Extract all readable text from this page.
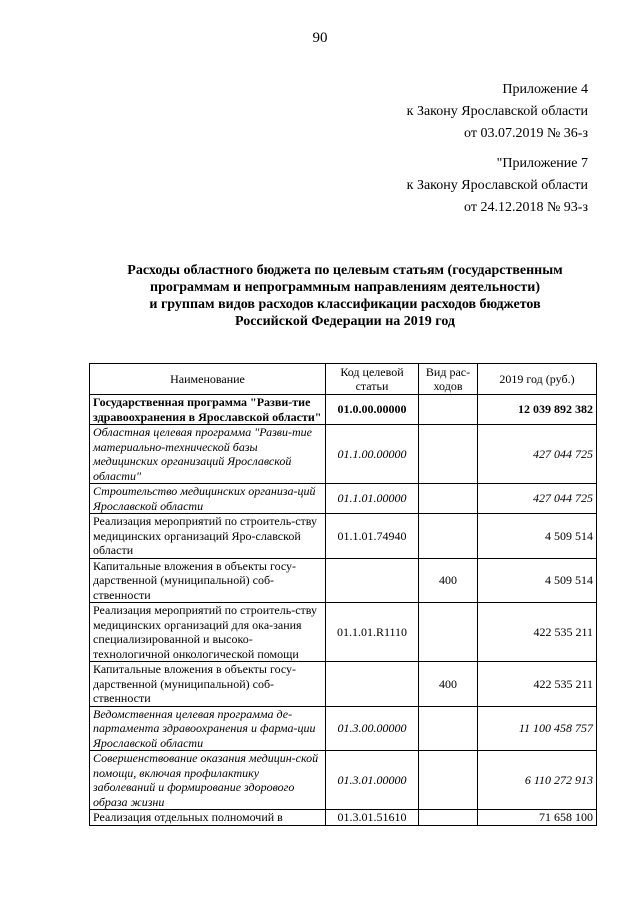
90
Приложение 4
к Закону Ярославской области
от 03.07.2019 № 36-з
"Приложение 7
к Закону Ярославской области
от 24.12.2018 № 93-з
Расходы областного бюджета по целевым статьям (государственным
программам и непрограммным направлениям деятельности)
и группам видов расходов классификации расходов бюджетов
Российской Федерации на 2019 год
Наименование	Код целевой статьи	Вид рас-ходов	2019 год (руб.)
Государственная программа "Разви-тие здравоохранения в Ярославской области"	01.0.00.00000		12 039 892 382
Областная целевая программа "Разви-тие материально-технической базы медицинских организаций Ярославской области"	01.1.00.00000		427 044 725
Строительство медицинских организа-ций Ярославской области	01.1.01.00000		427 044 725
Реализация мероприятий по строитель-ству медицинских организаций Яро-славской области	01.1.01.74940		4 509 514
Капитальные вложения в объекты госу-дарственной (муниципальной) соб-ственности		400	4 509 514
Реализация мероприятий по строитель-ству медицинских организаций для ока-зания специализированной и высоко-технологичной онкологической помощи	01.1.01.R1110		422 535 211
Капитальные вложения в объекты госу-дарственной (муниципальной) соб-ственности		400	422 535 211
Ведомственная целевая программа де-партамента здравоохранения и фарма-ции Ярославской области	01.3.00.00000		11 100 458 757
Совершенствование оказания медицин-ской помощи, включая профилактику заболеваний и формирование здорового образа жизни	01.3.01.00000		6 110 272 913
Реализация отдельных полномочий в	01.3.01.51610		71 658 100
